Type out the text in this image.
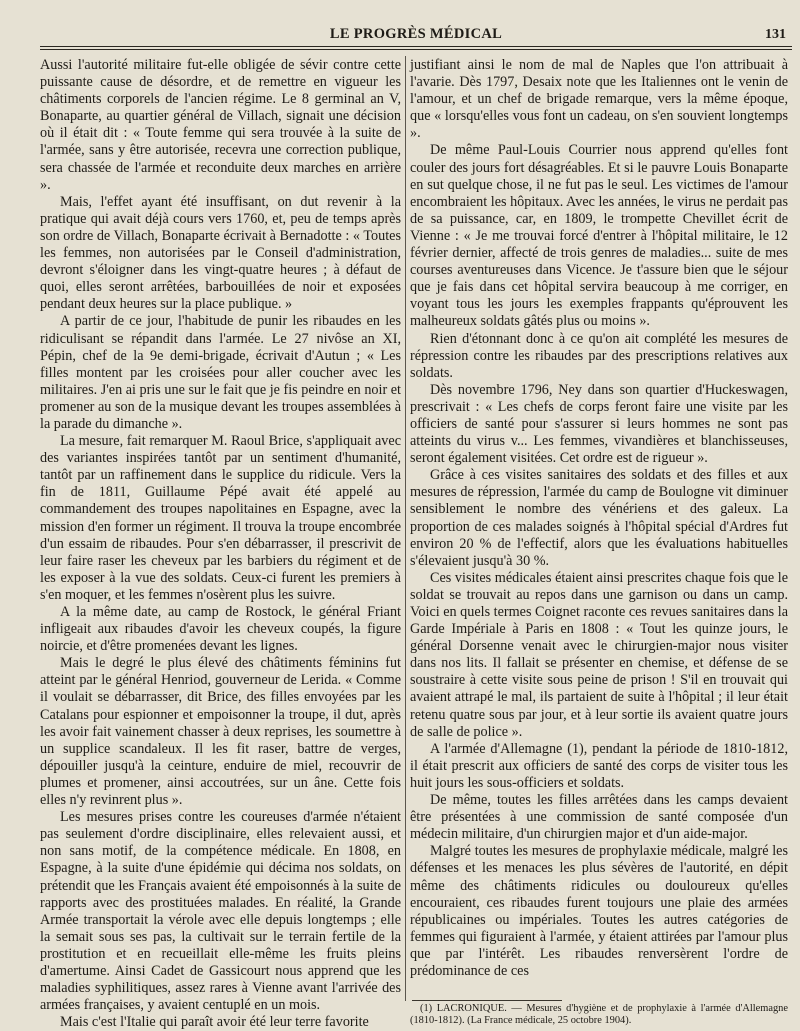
LE PROGRÈS MÉDICAL	131

Aussi l'autorité militaire fut-elle obligée de sévir contre cette puissante cause de désordre, et de remettre en vigueur les châtiments corporels de l'ancien régime. Le 8 germinal an V, Bonaparte, au quartier général de Villach, signait une décision où il était dit : « Toute femme qui sera trouvée à la suite de l'armée, sans y être autorisée, recevra une correction publique, sera chassée de l'armée et reconduite deux marches en arrière ».

Mais, l'effet ayant été insuffisant, on dut revenir à la pratique qui avait déjà cours vers 1760, et, peu de temps après son ordre de Villach, Bonaparte écrivait à Bernadotte : « Toutes les femmes, non autorisées par le Conseil d'administration, devront s'éloigner dans les vingt-quatre heures ; à défaut de quoi, elles seront arrêtées, barbouillées de noir et exposées pendant deux heures sur la place publique. »

A partir de ce jour, l'habitude de punir les ribaudes en les ridiculisant se répandit dans l'armée. Le 27 nivôse an XI, Pépin, chef de la 9e demi-brigade, écrivait d'Autun ; « Les filles montent par les croisées pour aller coucher avec les militaires. J'en ai pris une sur le fait que je fis peindre en noir et promener au son de la musique devant les troupes assemblées à la parade du dimanche ».

La mesure, fait remarquer M. Raoul Brice, s'appliquait avec des variantes inspirées tantôt par un sentiment d'humanité, tantôt par un raffinement dans le supplice du ridicule. Vers la fin de 1811, Guillaume Pépé avait été appelé au commandement des troupes napolitaines en Espagne, avec la mission d'en former un régiment. Il trouva la troupe encombrée d'un essaim de ribaudes. Pour s'en débarrasser, il prescrivit de leur faire raser les cheveux par les barbiers du régiment et de les exposer à la vue des soldats. Ceux-ci furent les premiers à s'en moquer, et les femmes n'osèrent plus les suivre.

A la même date, au camp de Rostock, le général Friant infligeait aux ribaudes d'avoir les cheveux coupés, la figure noircie, et d'être promenées devant les lignes.

Mais le degré le plus élevé des châtiments féminins fut atteint par le général Henriod, gouverneur de Lerida. « Comme il voulait se débarrasser, dit Brice, des filles envoyées par les Catalans pour espionner et empoisonner la troupe, il dut, après les avoir fait vainement chasser à deux reprises, les soumettre à un supplice scandaleux. Il les fit raser, battre de verges, dépouiller jusqu'à la ceinture, enduire de miel, recouvrir de plumes et promener, ainsi accoutrées, sur un âne. Cette fois elles n'y revinrent plus ».

Les mesures prises contre les coureuses d'armée n'étaient pas seulement d'ordre disciplinaire, elles relevaient aussi, et non sans motif, de la compétence médicale. En 1808, en Espagne, à la suite d'une épidémie qui décima nos soldats, on prétendit que les Français avaient été empoisonnés à la suite de rapports avec des prostituées malades. En réalité, la Grande Armée transportait la vérole avec elle depuis longtemps ; elle la semait sous ses pas, la cultivait sur le terrain fertile de la prostitution et en recueillait elle-même les fruits pleins d'amertume. Ainsi Cadet de Gassicourt nous apprend que les maladies syphilitiques, assez rares à Vienne avant l'arrivée des armées françaises, y avaient centuplé en un mois.

Mais c'est l'Italie qui paraît avoir été leur terre favorite

justifiant ainsi le nom de mal de Naples que l'on attribuait à l'avarie. Dès 1797, Desaix note que les Italiennes ont le venin de l'amour, et un chef de brigade remarque, vers la même époque, que « lorsqu'elles vous font un cadeau, on s'en souvient longtemps ».

De même Paul-Louis Courrier nous apprend qu'elles font couler des jours fort désagréables. Et si le pauvre Louis Bonaparte en sut quelque chose, il ne fut pas le seul. Les victimes de l'amour encombraient les hôpitaux. Avec les années, le virus ne perdait pas de sa puissance, car, en 1809, le trompette Chevillet écrit de Vienne : « Je me trouvai forcé d'entrer à l'hôpital militaire, le 12 février dernier, affecté de trois genres de maladies... suite de mes courses aventureuses dans Vicence. Je t'assure bien que le séjour que je fais dans cet hôpital servira beaucoup à me corriger, en voyant tous les jours les exemples frappants qu'éprouvent les malheureux soldats gâtés plus ou moins ».

Rien d'étonnant donc à ce qu'on ait complété les mesures de répression contre les ribaudes par des prescriptions relatives aux soldats.

Dès novembre 1796, Ney dans son quartier d'Huckeswagen, prescrivait : « Les chefs de corps feront faire une visite par les officiers de santé pour s'assurer si leurs hommes ne sont pas atteints du virus v... Les femmes, vivandières et blanchisseuses, seront également visitées. Cet ordre est de rigueur ».

Grâce à ces visites sanitaires des soldats et des filles et aux mesures de répression, l'armée du camp de Boulogne vit diminuer sensiblement le nombre des vénériens et des galeux. La proportion de ces malades soignés à l'hôpital spécial d'Ardres fut environ 20 % de l'effectif, alors que les évaluations habituelles s'élevaient jusqu'à 30 %.

Ces visites médicales étaient ainsi prescrites chaque fois que le soldat se trouvait au repos dans une garnison ou dans un camp. Voici en quels termes Coignet raconte ces revues sanitaires dans la Garde Impériale à Paris en 1808 : « Tout les quinze jours, le général Dorsenne venait avec le chirurgien-major nous visiter dans nos lits. Il fallait se présenter en chemise, et défense de se soustraire à cette visite sous peine de prison ! S'il en trouvait qui avaient attrapé le mal, ils partaient de suite à l'hôpital ; il leur était retenu quatre sous par jour, et à leur sortie ils avaient quatre jours de salle de police ».

A l'armée d'Allemagne (1), pendant la période de 1810-1812, il était prescrit aux officiers de santé des corps de visiter tous les huit jours les sous-officiers et soldats.

De même, toutes les filles arrêtées dans les camps devaient être présentées à une commission de santé composée d'un médecin militaire, d'un chirurgien major et d'un aide-major.

Malgré toutes les mesures de prophylaxie médicale, malgré les défenses et les menaces les plus sévères de l'autorité, en dépit même des châtiments ridicules ou douloureux qu'elles encouraient, ces ribaudes furent toujours une plaie des armées républicaines ou impériales. Toutes les autres catégories de femmes qui figuraient à l'armée, y étaient attirées par l'amour plus que par l'intérêt. Les ribaudes renversèrent l'ordre de prédominance de ces

(1) LACRONIQUE. — Mesures d'hygiène et de prophylaxie à l'armée d'Allemagne (1810-1812). (La France médicale, 25 octobre 1904).
